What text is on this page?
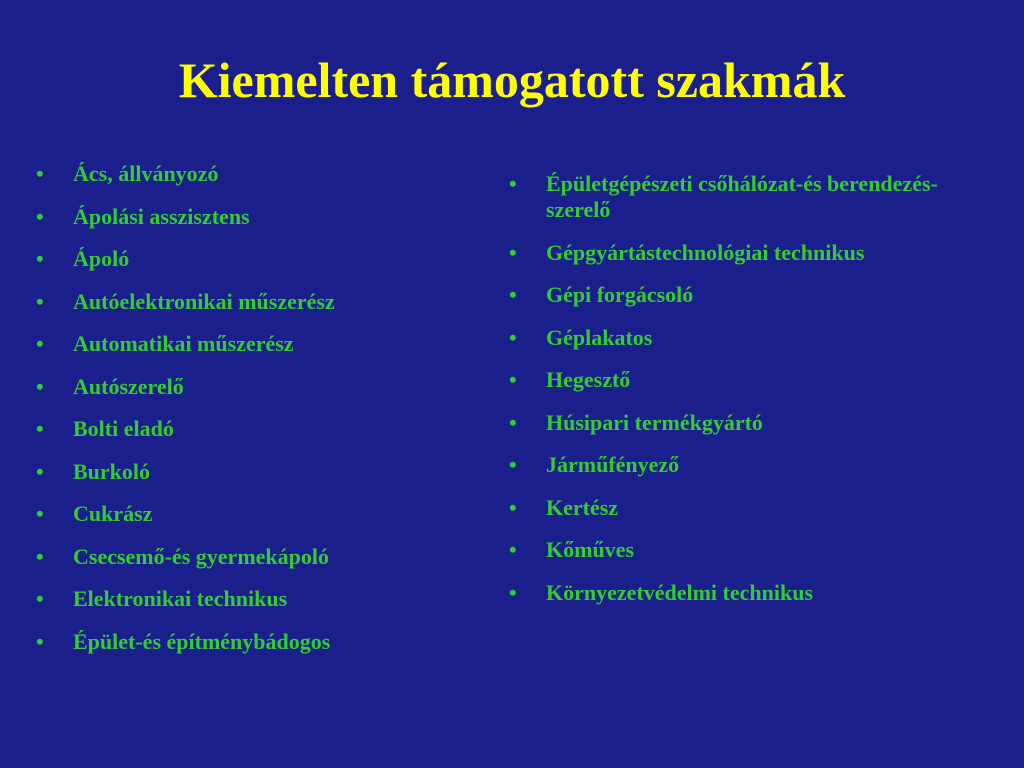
Kiemelten támogatott szakmák
• Ács, állványozó
• Ápolási asszisztens
• Ápoló
• Autóelektronikai műszerész
• Automatikai műszerész
• Autószerelő
• Bolti eladó
• Burkoló
• Cukrász
• Csecsemő-és gyermekápoló
• Elektronikai technikus
• Épület-és építménybádogos
• Épületgépészeti csőhálózat-és berendezés-szerelő
• Gépgyártástechnológiai technikus
• Gépi forgácsoló
• Géplakatos
• Hegesztő
• Húsipari termékgyártó
• Járműfényező
• Kertész
• Kőműves
• Környezetvédelmi technikus
